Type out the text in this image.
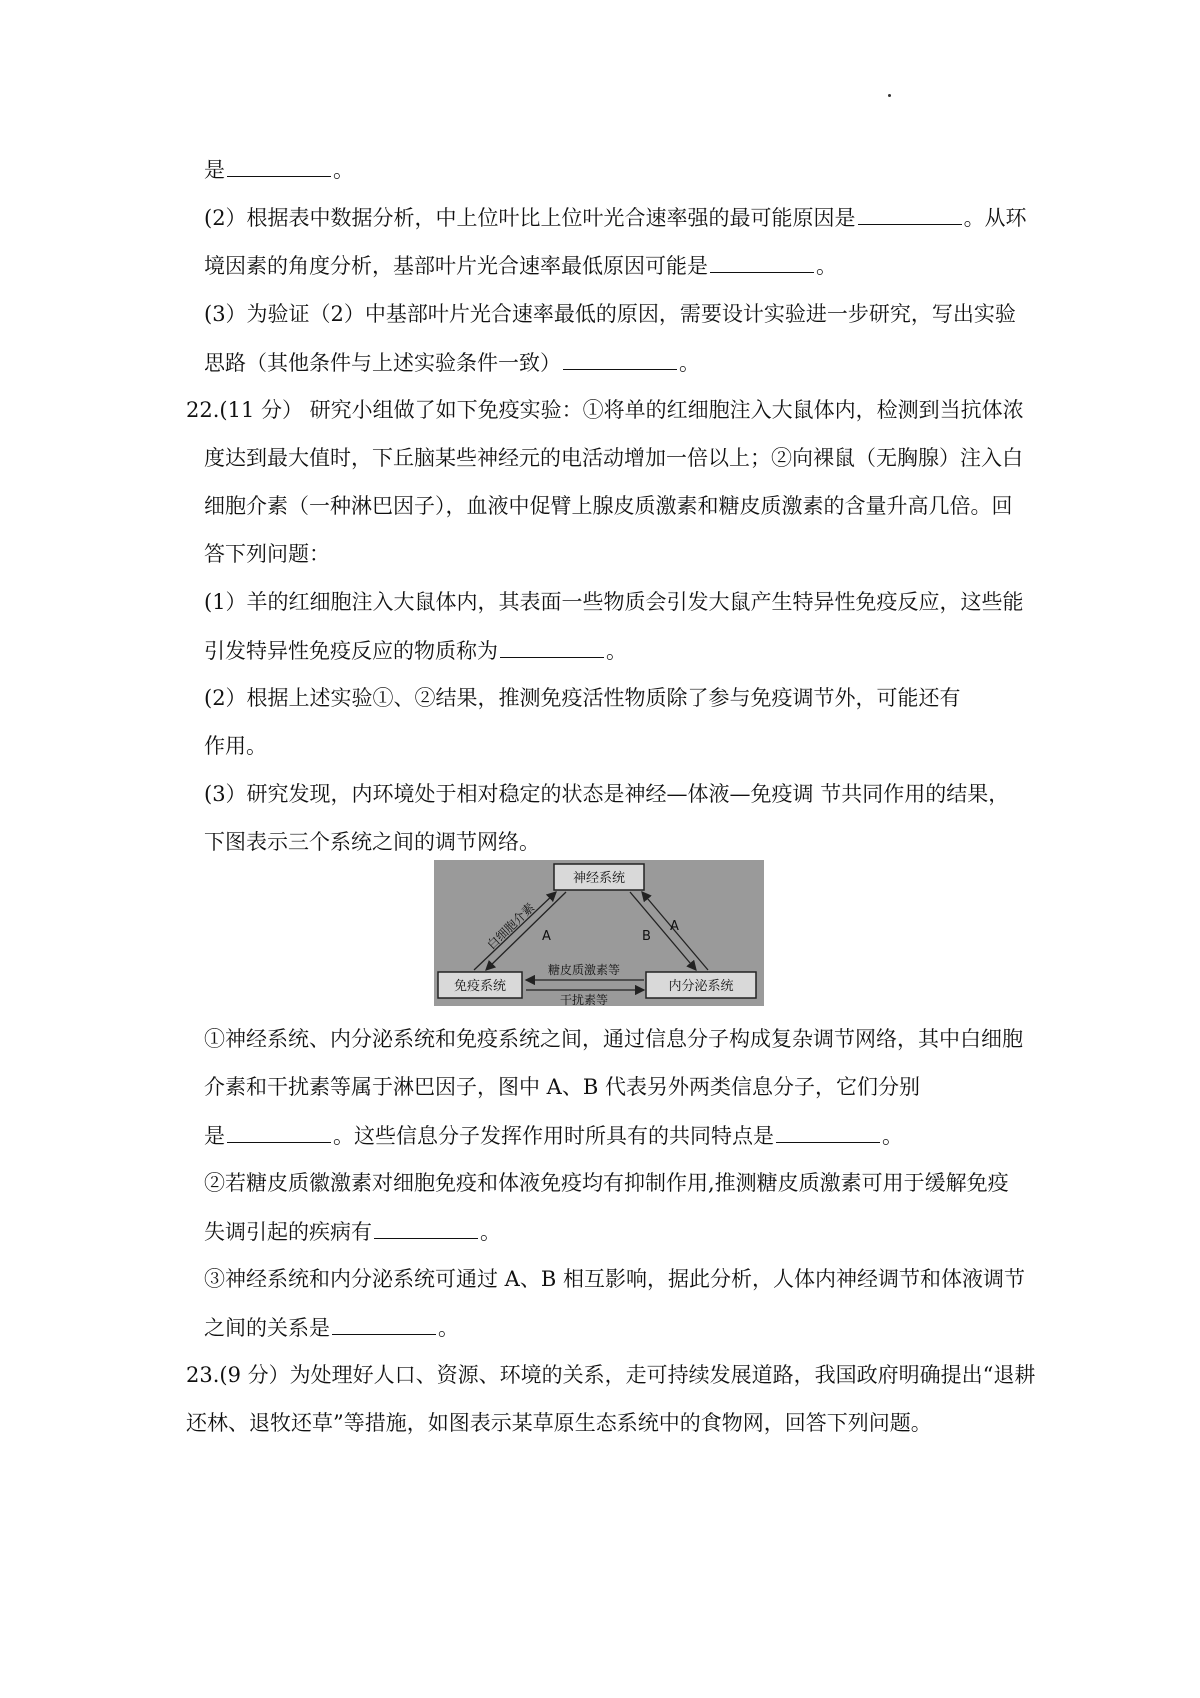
是	。
(2）根据表中数据分析，中上位叶比上位叶光合速率强的最可能原因是	。从环
境因素的角度分析，基部叶片光合速率最低原因可能是	。
(3）为验证（2）中基部叶片光合速率最低的原因，需要设计实验进一步研究，写出实验
思路（其他条件与上述实验条件一致）	。
22.(11 分） 研究小组做了如下免疫实验：①将单的红细胞注入大鼠体内，检测到当抗体浓
度达到最大值时，下丘脑某些神经元的电活动增加一倍以上；②向裸鼠（无胸腺）注入白
细胞介素（一种淋巴因子），血液中促臂上腺皮质激素和糖皮质激素的含量升高几倍。回
答下列问题：
(1）羊的红细胞注入大鼠体内，其表面一些物质会引发大鼠产生特异性免疫反应，这些能
引发特异性免疫反应的物质称为	。
(2）根据上述实验①、②结果，推测免疫活性物质除了参与免疫调节外，可能还有
作用。
(3）研究发现，内环境处于相对稳定的状态是神经—体液—免疫调 节共同作用的结果，
下图表示三个系统之间的调节网络。
神经系统
免疫系统	内分泌系统
白细胞介素 A	B
A
糖皮质激素等
干扰素等
①神经系统、内分泌系统和免疫系统之间，通过信息分子构成复杂调节网络，其中白细胞
介素和干扰素等属于淋巴因子，图中 A、B 代表另外两类信息分子，它们分别
是	。这些信息分子发挥作用时所具有的共同特点是	。
②若糖皮质徽激素对细胞免疫和体液免疫均有抑制作用,推测糖皮质激素可用于缓解免疫
失调引起的疾病有	。
③神经系统和内分泌系统可通过 A、B 相互影响，据此分析，人体内神经调节和体液调节
之间的关系是	。
23.(9 分）为处理好人口、资源、环境的关系，走可持续发展道路，我国政府明确提出“退耕
还林、退牧还草”等措施，如图表示某草原生态系统中的食物网，回答下列问题。
